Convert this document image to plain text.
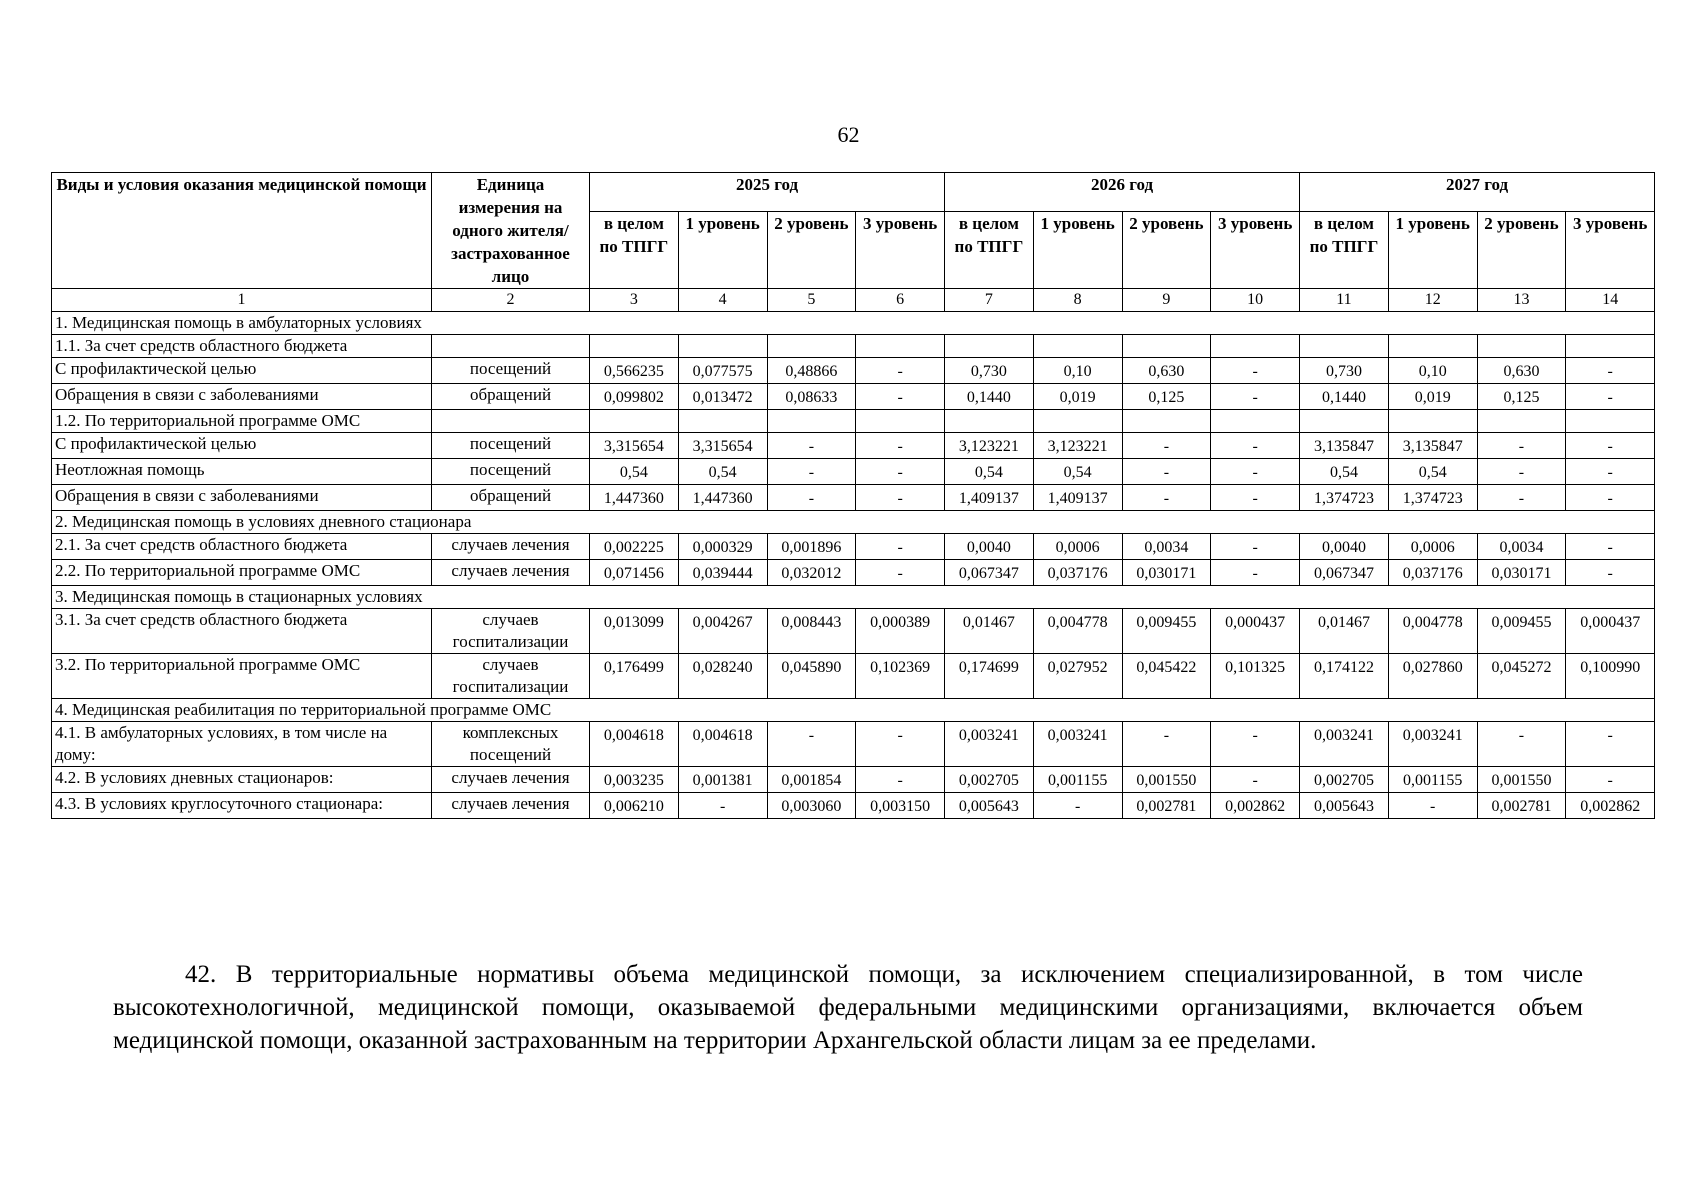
62
Виды и условия оказания медицинской помощи	Единица измерения на одного жителя/ застрахованное лицо	2025 год				2026 год				2027 год			
		в целом по ТПГГ	1 уровень	2 уровень	3 уровень	в целом по ТПГГ	1 уровень	2 уровень	3 уровень	в целом по ТПГГ	1 уровень	2 уровень	3 уровень
1	2	3	4	5	6	7	8	9	10	11	12	13	14
1. Медицинская помощь в амбулаторных условиях													
1.1. За счет средств областного бюджета													
С профилактической целью	посещений	0,566235	0,077575	0,48866	-	0,730	0,10	0,630	-	0,730	0,10	0,630	-
Обращения в связи с заболеваниями	обращений	0,099802	0,013472	0,08633	-	0,1440	0,019	0,125	-	0,1440	0,019	0,125	-
1.2. По территориальной программе ОМС													
С профилактической целью	посещений	3,315654	3,315654	-	-	3,123221	3,123221	-	-	3,135847	3,135847	-	-
Неотложная помощь	посещений	0,54	0,54	-	-	0,54	0,54	-	-	0,54	0,54	-	-
Обращения в связи с заболеваниями	обращений	1,447360	1,447360	-	-	1,409137	1,409137	-	-	1,374723	1,374723	-	-
2. Медицинская помощь в условиях дневного стационара													
2.1. За счет средств областного бюджета	случаев лечения	0,002225	0,000329	0,001896	-	0,0040	0,0006	0,0034	-	0,0040	0,0006	0,0034	-
2.2. По территориальной программе ОМС	случаев лечения	0,071456	0,039444	0,032012	-	0,067347	0,037176	0,030171	-	0,067347	0,037176	0,030171	-
3. Медицинская помощь в стационарных условиях													
3.1. За счет средств областного бюджета	случаев госпитализации	0,013099	0,004267	0,008443	0,000389	0,01467	0,004778	0,009455	0,000437	0,01467	0,004778	0,009455	0,000437
3.2. По территориальной программе ОМС	случаев госпитализации	0,176499	0,028240	0,045890	0,102369	0,174699	0,027952	0,045422	0,101325	0,174122	0,027860	0,045272	0,100990
4. Медицинская реабилитация по территориальной программе ОМС													
4.1. В амбулаторных условиях, в том числе на дому:	комплексных посещений	0,004618	0,004618	-	-	0,003241	0,003241	-	-	0,003241	0,003241	-	-
4.2. В условиях дневных стационаров:	случаев лечения	0,003235	0,001381	0,001854	-	0,002705	0,001155	0,001550	-	0,002705	0,001155	0,001550	-
4.3. В условиях круглосуточного стационара:	случаев лечения	0,006210	-	0,003060	0,003150	0,005643	-	0,002781	0,002862	0,005643	-	0,002781	0,002862
42. В территориальные нормативы объема медицинской помощи, за исключением специализированной, в том числе высокотехнологичной, медицинской помощи, оказываемой федеральными медицинскими организациями, включается объем медицинской помощи, оказанной застрахованным на территории Архангельской области лицам за ее пределами.
